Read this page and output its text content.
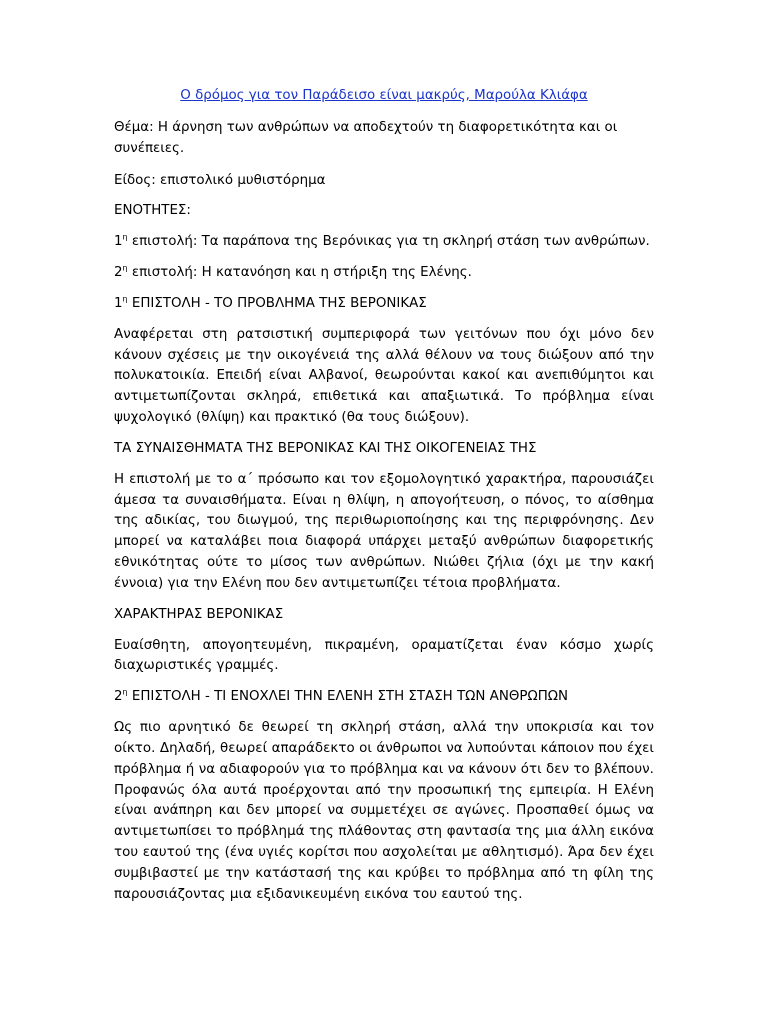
Ο δρόμος για τον Παράδεισο είναι μακρύς, Μαρούλα Κλιάφα

Θέμα: Η άρνηση των ανθρώπων να αποδεχτούν τη διαφορετικότητα και οι συνέπειες.

Είδος: επιστολικό μυθιστόρημα

ΕΝΟΤΗΤΕΣ:

$1^\eta$ επιστολή: Τα παράπονα της Βερόνικας για τη σκληρή στάση των ανθρώπων.

$2^\eta$ επιστολή: Η κατανόηση και η στήριξη της Ελένης.

$1^\eta$ ΕΠΙΣΤΟΛΗ - ΤΟ ΠΡΟΒΛΗΜΑ ΤΗΣ ΒΕΡΟΝΙΚΑΣ

Αναφέρεται στη ρατσιστική συμπεριφορά των γειτόνων που όχι μόνο δεν κάνουν σχέσεις με την οικογένειά της αλλά θέλουν να τους διώξουν από την πολυκατοικία. Επειδή είναι Αλβανοί, θεωρούνται κακοί και ανεπιθύμητοι και αντιμετωπίζονται σκληρά, επιθετικά και απαξιωτικά. Το πρόβλημα είναι ψυχολογικό (θλίψη) και πρακτικό (θα τους διώξουν).

ΤΑ ΣΥΝΑΙΣΘΗΜΑΤΑ ΤΗΣ ΒΕΡΟΝΙΚΑΣ ΚΑΙ ΤΗΣ ΟΙΚΟΓΕΝΕΙΑΣ ΤΗΣ

Η επιστολή με το α΄ πρόσωπο και τον εξομολογητικό χαρακτήρα, παρουσιάζει άμεσα τα συναισθήματα. Είναι η θλίψη, η απογοήτευση, ο πόνος, το αίσθημα της αδικίας, του διωγμού, της περιθωριοποίησης και της περιφρόνησης. Δεν μπορεί να καταλάβει ποια διαφορά υπάρχει μεταξύ ανθρώπων διαφορετικής εθνικότητας ούτε το μίσος των ανθρώπων. Νιώθει ζήλια (όχι με την κακή έννοια) για την Ελένη που δεν αντιμετωπίζει τέτοια προβλήματα.

ΧΑΡΑΚΤΗΡΑΣ ΒΕΡΟΝΙΚΑΣ

Ευαίσθητη, απογοητευμένη, πικραμένη, οραματίζεται έναν κόσμο χωρίς διαχωριστικές γραμμές.

$2^\eta$ ΕΠΙΣΤΟΛΗ - ΤΙ ΕΝΟΧΛΕΙ ΤΗΝ ΕΛΕΝΗ ΣΤΗ ΣΤΑΣΗ ΤΩΝ ΑΝΘΡΩΠΩΝ

Ως πιο αρνητικό δε θεωρεί τη σκληρή στάση, αλλά την υποκρισία και τον οίκτο. Δηλαδή, θεωρεί απαράδεκτο οι άνθρωποι να λυπούνται κάποιον που έχει πρόβλημα ή να αδιαφορούν για το πρόβλημα και να κάνουν ότι δεν το βλέπουν. Προφανώς όλα αυτά προέρχονται από την προσωπική της εμπειρία. Η Ελένη είναι ανάπηρη και δεν μπορεί να συμμετέχει σε αγώνες. Προσπαθεί όμως να αντιμετωπίσει το πρόβλημά της πλάθοντας στη φαντασία της μια άλλη εικόνα του εαυτού της (ένα υγιές κορίτσι που ασχολείται με αθλητισμό). Άρα δεν έχει συμβιβαστεί με την κατάστασή της και κρύβει το πρόβλημα από τη φίλη της παρουσιάζοντας μια εξιδανικευμένη εικόνα του εαυτού της.
